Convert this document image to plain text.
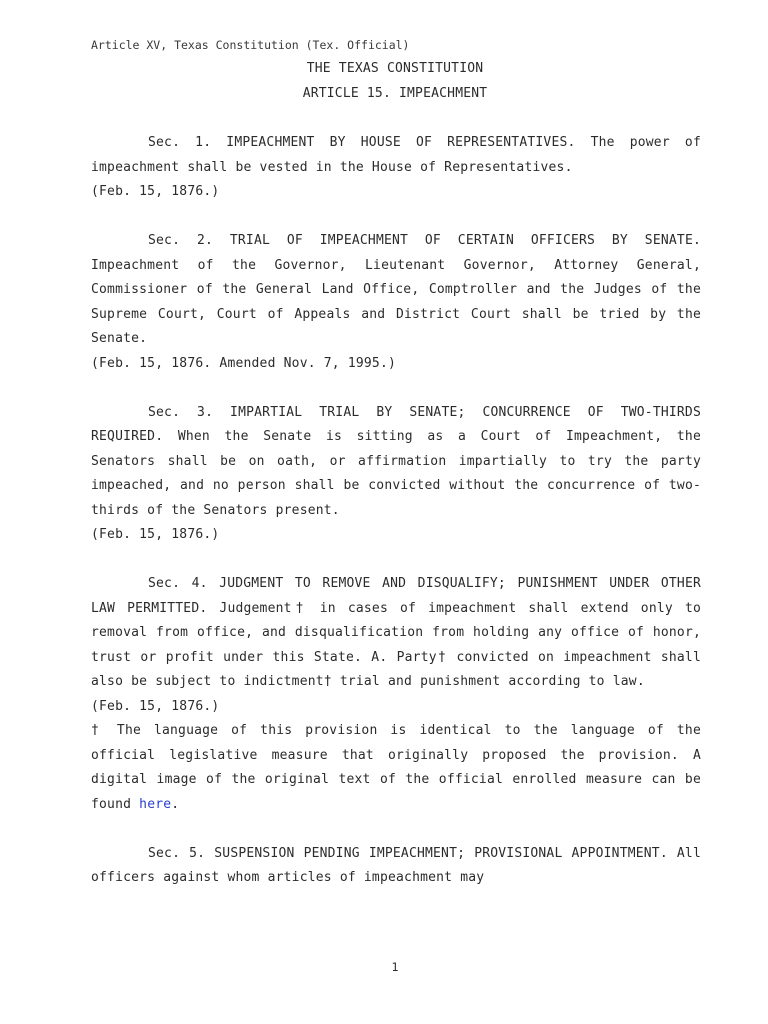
Article XV, Texas Constitution (Tex. Official)
THE TEXAS CONSTITUTION
ARTICLE 15. IMPEACHMENT

Sec. 1. IMPEACHMENT BY HOUSE OF REPRESENTATIVES. The power of impeachment shall be vested in the House of Representatives.

(Feb. 15, 1876.)

Sec. 2. TRIAL OF IMPEACHMENT OF CERTAIN OFFICERS BY SENATE. Impeachment of the Governor, Lieutenant Governor, Attorney General, Commissioner of the General Land Office, Comptroller and the Judges of the Supreme Court, Court of Appeals and District Court shall be tried by the Senate.

(Feb. 15, 1876. Amended Nov. 7, 1995.)

Sec. 3. IMPARTIAL TRIAL BY SENATE; CONCURRENCE OF TWO-THIRDS REQUIRED. When the Senate is sitting as a Court of Impeachment, the Senators shall be on oath, or affirmation impartially to try the party impeached, and no person shall be convicted without the concurrence of two-thirds of the Senators present.

(Feb. 15, 1876.)

Sec. 4. JUDGMENT TO REMOVE AND DISQUALIFY; PUNISHMENT UNDER OTHER LAW PERMITTED. Judgement† in cases of impeachment shall extend only to removal from office, and disqualification from holding any office of honor, trust or profit under this State. A. Party† convicted on impeachment shall also be subject to indictment† trial and punishment according to law.

(Feb. 15, 1876.)

† The language of this provision is identical to the language of the official legislative measure that originally proposed the provision. A digital image of the original text of the official enrolled measure can be found here.

Sec. 5. SUSPENSION PENDING IMPEACHMENT; PROVISIONAL APPOINTMENT. All officers against whom articles of impeachment may

1
